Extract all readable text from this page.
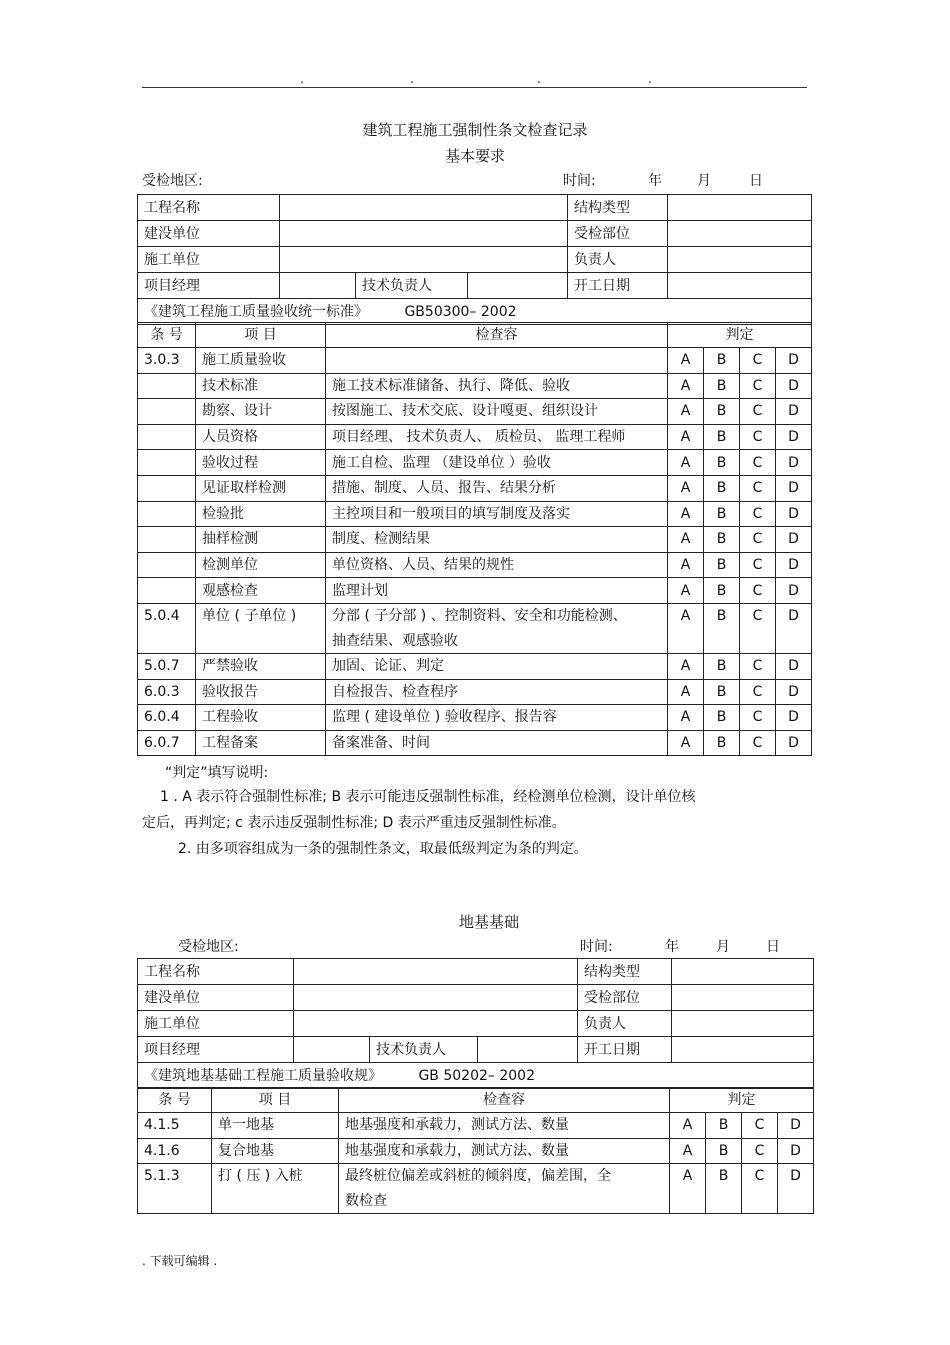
.	.	.	.
建筑工程施工强制性条文检查记录
基本要求
受检地区:	时间:	年	月	日
工程名称				结构类型	
建没单位				受检部位	
施工单位				负责人	
项目经理		技术负责人		开工日期	
《建筑工程施工质量验收统一标准》 GB50300– 2002					
条 号	项 目	检查容	判定			
3.0.3	施工质量验收		A	B	C	D
	技术标准	施工技术标准储备、执行、降低、验收	A	B	C	D
	勘察、设计	按图施工、技术交底、设计嘎更、组织设计	A	B	C	D
	人员资格	项目经理、 技术负责人、 质检员、 监理工程师	A	B	C	D
	验收过程	施工自检、监理 （建设单位 ）验收	A	B	C	D
	见证取样检测	措施、制度、人员、报告、结果分析	A	B	C	D
	检验批	主控项目和一般项目的填写制度及落实	A	B	C	D
	抽样检测	制度、检测结果	A	B	C	D
	检测单位	单位资格、人员、结果的规性	A	B	C	D
	观感检查	监理计划	A	B	C	D
5.0.4	单位 ( 子单位 )	分部 ( 子分部 ) 、控制资料、安全和功能检测、
抽查结果、观感验收	A	B	C	D
5.0.7	严禁验收	加固、论证、判定	A	B	C	D
6.0.3	验收报告	自检报告、检查程序	A	B	C	D
6.0.4	工程验收	监理 ( 建设单位 ) 验收程序、报告容	A	B	C	D
6.0.7	工程备案	备案准备、时间	A	B	C	D
“判定”填写说明:
1 . A 表示符合强制性标准; B 表示可能违反强制性标准，经检测单位检测，设计单位核
定后，再判定; c 表示违反强制性标准; D 表示严重违反强制性标准。
2. 由多项容组成为一条的强制性条文，取最低级判定为条的判定。
地基基础
受检地区:	时间:	年	月	日
工程名称				结构类型	
建没单位				受检部位	
施工单位				负责人	
项目经理		技术负责人		开工日期	
《建筑地基基础工程施工质量验收规》 GB 50202– 2002					
条 号	项 目	检查容	判定			
4.1.5	单一地基	地基强度和承载力，测试方法、数量	A	B	C	D
4.1.6	复合地基	地基强度和承载力，测试方法、数量	A	B	C	D
5.1.3	打 ( 压 ) 入桩	最终桩位偏差或斜桩的倾斜度，偏差围，全
数检查	A	B	C	D
. 下载可编辑 .
